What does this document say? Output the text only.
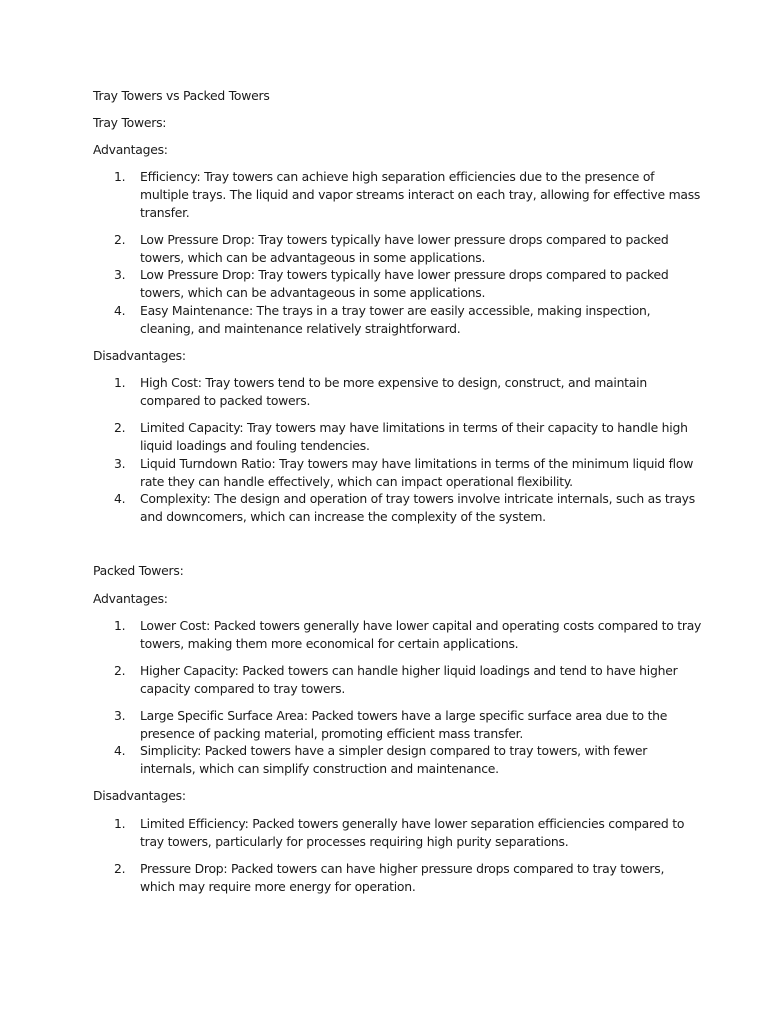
Tray Towers vs Packed Towers
Tray Towers:
Advantages:
1. Efficiency: Tray towers can achieve high separation efficiencies due to the presence of
multiple trays. The liquid and vapor streams interact on each tray, allowing for effective mass
transfer.
2. Low Pressure Drop: Tray towers typically have lower pressure drops compared to packed
towers, which can be advantageous in some applications.
3. Low Pressure Drop: Tray towers typically have lower pressure drops compared to packed
towers, which can be advantageous in some applications.
4. Easy Maintenance: The trays in a tray tower are easily accessible, making inspection,
cleaning, and maintenance relatively straightforward.
Disadvantages:
1. High Cost: Tray towers tend to be more expensive to design, construct, and maintain
compared to packed towers.
2. Limited Capacity: Tray towers may have limitations in terms of their capacity to handle high
liquid loadings and fouling tendencies.
3. Liquid Turndown Ratio: Tray towers may have limitations in terms of the minimum liquid flow
rate they can handle effectively, which can impact operational flexibility.
4. Complexity: The design and operation of tray towers involve intricate internals, such as trays
and downcomers, which can increase the complexity of the system.
Packed Towers:
Advantages:
1. Lower Cost: Packed towers generally have lower capital and operating costs compared to tray
towers, making them more economical for certain applications.
2. Higher Capacity: Packed towers can handle higher liquid loadings and tend to have higher
capacity compared to tray towers.
3. Large Specific Surface Area: Packed towers have a large specific surface area due to the
presence of packing material, promoting efficient mass transfer.
4. Simplicity: Packed towers have a simpler design compared to tray towers, with fewer
internals, which can simplify construction and maintenance.
Disadvantages:
1. Limited Efficiency: Packed towers generally have lower separation efficiencies compared to
tray towers, particularly for processes requiring high purity separations.
2. Pressure Drop: Packed towers can have higher pressure drops compared to tray towers,
which may require more energy for operation.
